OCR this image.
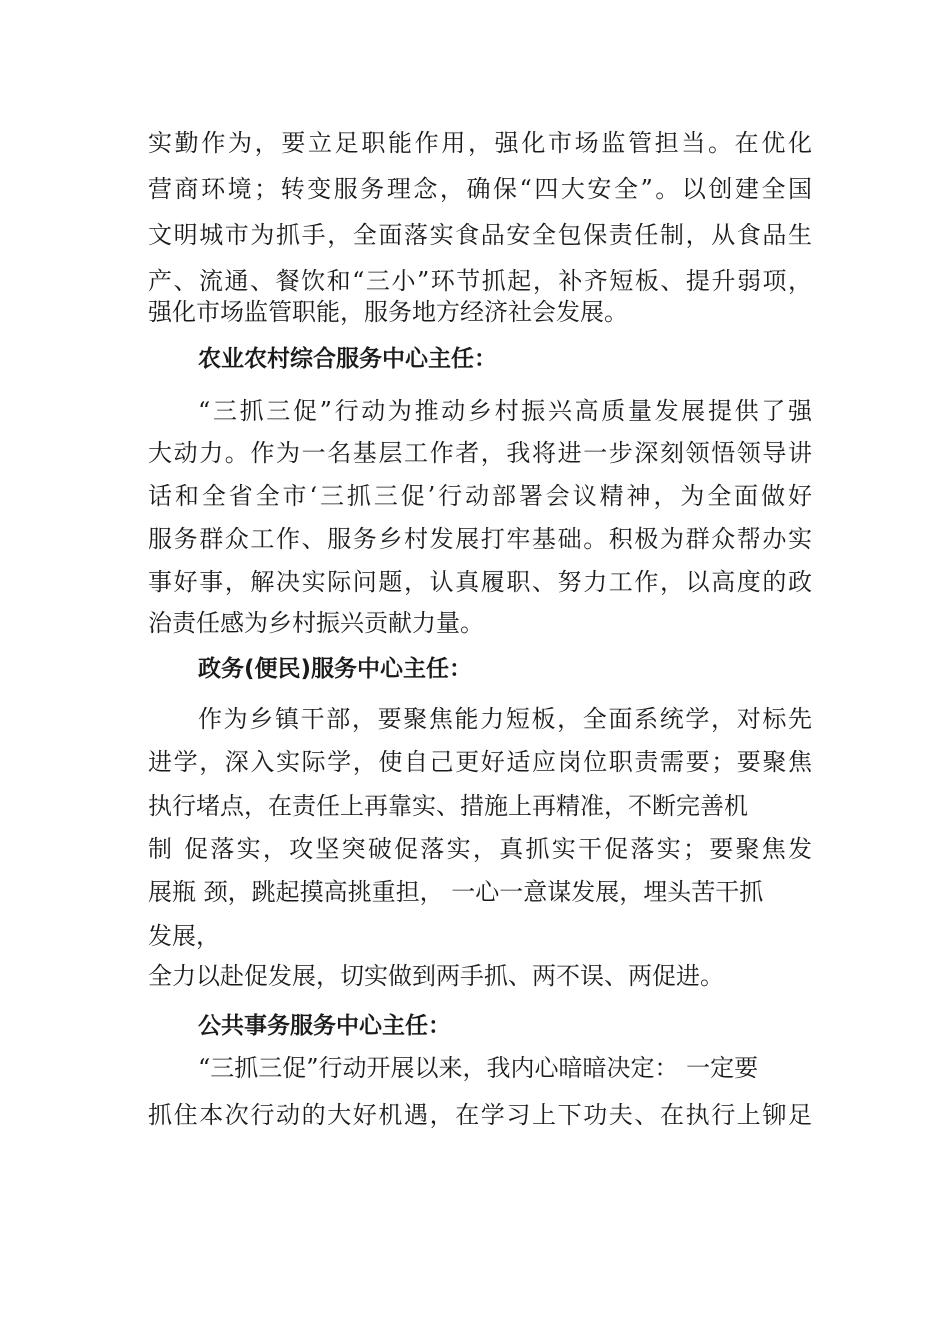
实勤作为，要立足职能作用，强化市场监管担当。在优化

营商环境；转变服务理念，确保“四大安全”。以创建全国

文明城市为抓手，全面落实食品安全包保责任制，从食品生

产、流通、餐饮和“三小”环节抓起，补齐短板、提升弱项，

强化市场监管职能，服务地方经济社会发展。

农业农村综合服务中心主任：

“三抓三促”行动为推动乡村振兴高质量发展提供了强

大动力。作为一名基层工作者，我将进一步深刻领悟领导讲

话和全省全市‘三抓三促’行动部署会议精神，为全面做好

服务群众工作、服务乡村发展打牢基础。积极为群众帮办实

事好事，解决实际问题，认真履职、努力工作，以高度的政

治责任感为乡村振兴贡献力量。

政务(便民)服务中心主任：

作为乡镇干部，要聚焦能力短板，全面系统学，对标先

进学，深入实际学，使自己更好适应岗位职责需要；要聚焦

执行堵点，在责任上再靠实、措施上再精准，不断完善机

制 促落实，攻坚突破促落实，真抓实干促落实；要聚焦发

展瓶 颈，跳起摸高挑重担， 一心一意谋发展，埋头苦干抓

发展，

全力以赴促发展，切实做到两手抓、两不误、两促进。

公共事务服务中心主任：

“三抓三促”行动开展以来，我内心暗暗决定： 一定要

抓住本次行动的大好机遇，在学习上下功夫、在执行上铆足
